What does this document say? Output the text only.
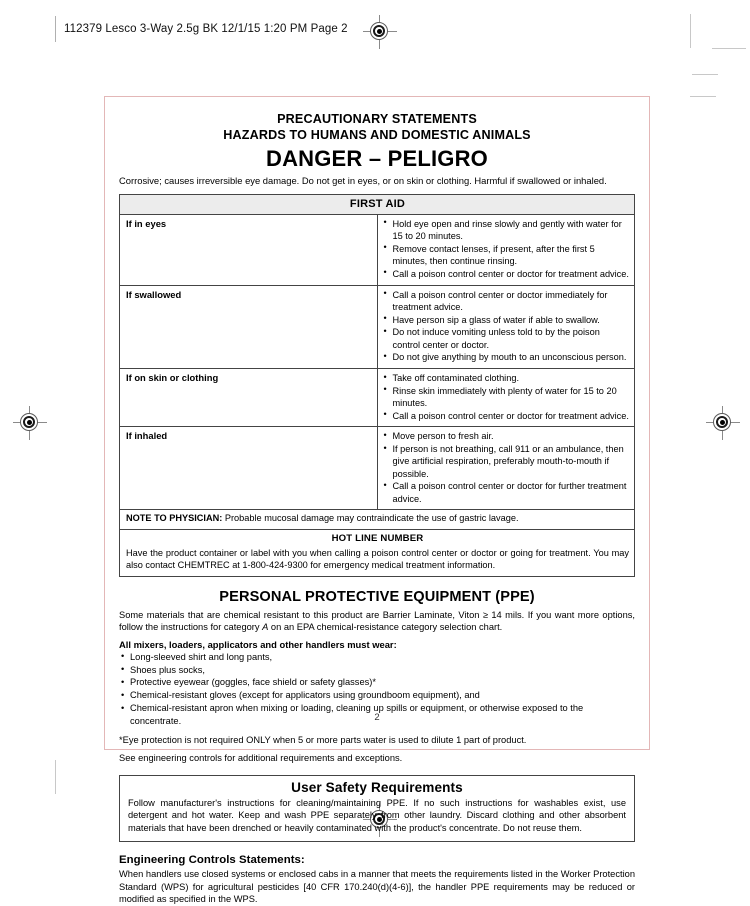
112379 Lesco 3-Way 2.5g BK 12/1/15 1:20 PM Page 2
PRECAUTIONARY STATEMENTS
HAZARDS TO HUMANS AND DOMESTIC ANIMALS
DANGER – PELIGRO
Corrosive; causes irreversible eye damage. Do not get in eyes, or on skin or clothing. Harmful if swallowed or inhaled.
FIRST AID	
If in eyes	
•Hold eye open and rinse slowly and gently with water for 15 to 20 minutes.
• Remove contact lenses, if present, after the first 5 minutes, then continue rinsing.
• Call a poison control center or doctor for treatment advice.

If swallowed	
•Call a poison control center or doctor immediately for treatment advice.
• Have person sip a glass of water if able to swallow.
• Do not induce vomiting unless told to by the poison control center or doctor.
• Do not give anything by mouth to an unconscious person.

If on skin or clothing	
•Take off contaminated clothing.
• Rinse skin immediately with plenty of water for 15 to 20 minutes.
• Call a poison control center or doctor for treatment advice.

If inhaled	
•Move person to fresh air.
• If person is not breathing, call 911 or an ambulance, then give artificial respiration, preferably mouth-to-mouth if possible.
• Call a poison control center or doctor for further treatment advice.

NOTE TO PHYSICIAN: Probable mucosal damage may contraindicate the use of gastric lavage.	

HOT LINE NUMBER
Have the product container or label with you when calling a poison control center or doctor or going for treatment. You may also contact CHEMTREC at 1-800-424-9300 for emergency medical treatment information.	
PERSONAL PROTECTIVE EQUIPMENT (PPE)
Some materials that are chemical resistant to this product are Barrier Laminate, Viton ≥ 14 mils. If you want more options, follow the instructions for category A on an EPA chemical-resistance category selection chart.
All mixers, loaders, applicators and other handlers must wear:
• Long-sleeved shirt and long pants,
• Shoes plus socks,
• Protective eyewear (goggles, face shield or safety glasses)*
• Chemical-resistant gloves (except for applicators using groundboom equipment), and
• Chemical-resistant apron when mixing or loading, cleaning up spills or equipment, or otherwise exposed to the concentrate.
*Eye protection is not required ONLY when 5 or more parts water is used to dilute 1 part of product.
See engineering controls for additional requirements and exceptions.
User Safety Requirements
Follow manufacturer's instructions for cleaning/maintaining PPE. If no such instructions for washables exist, use detergent and hot water. Keep and wash PPE separately from other laundry. Discard clothing and other absorbent materials that have been drenched or heavily contaminated with the product's concentrate. Do not reuse them.
Engineering Controls Statements:
When handlers use closed systems or enclosed cabs in a manner that meets the requirements listed in the Worker Protection Standard (WPS) for agricultural pesticides [40 CFR 170.240(d)(4-6)], the handler PPE requirements may be reduced or modified as specified in the WPS.
2
